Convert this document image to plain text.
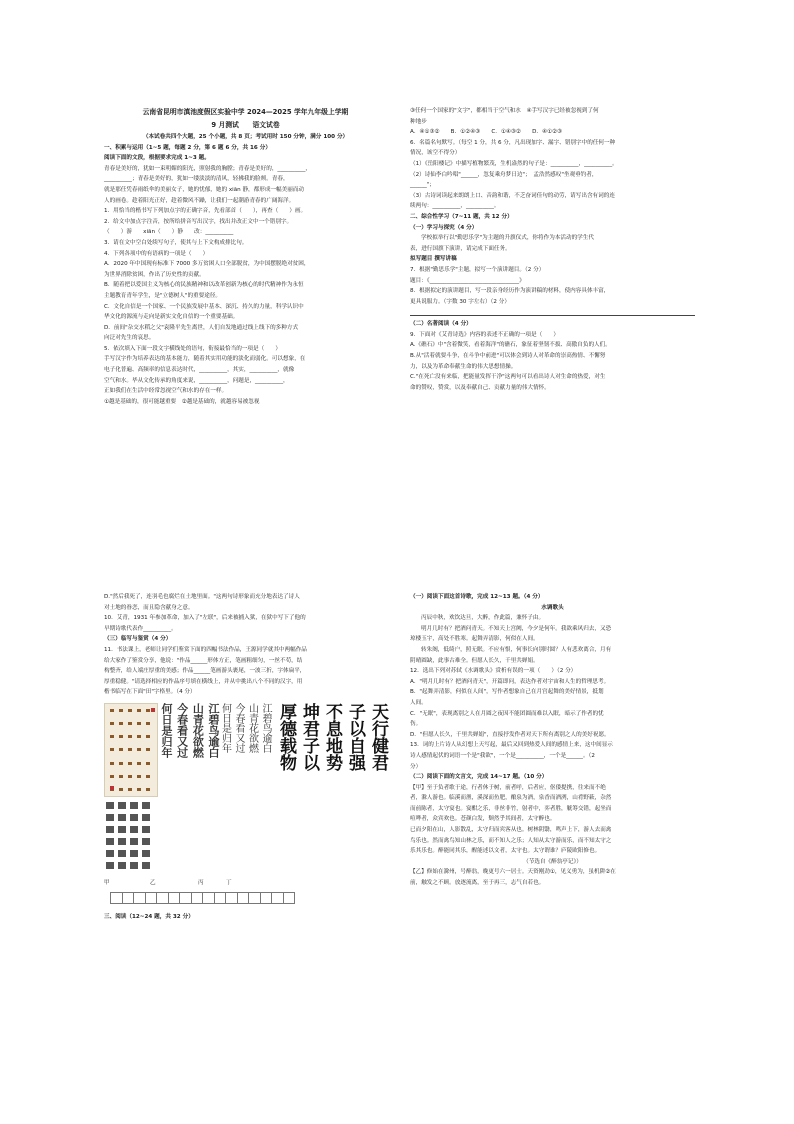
云南省昆明市滇池度假区实验中学 2024—2025 学年九年级上学期

9 月测试　　语文试卷

（本试卷共四个大题，25 个小题，共 8 页；考试用时 150 分钟，满分 100 分）

一、积累与运用（1~5 题，每题 2 分，第 6 题 6 分，共 16 分）

阅读下面的文段，根据要求完成 1~3 题。

青春是美好的，犹如一束明媚的阳光，照射我的胸膛；青春是美好的，__________，

__________；青春是美好的，犹如一缕淡淡的清风，轻拂我的脸颊。青春，

就是那任凭春雨纸伞的美丽女子，她的忧郁，她的 xiān 静，都形成一幅美丽而动

人的画卷。趁着阳光正好，趁着微风不躁，让我们一起潮游青春的广阔海洋。

1．用恰当的楷书写下列加点字的正确字音，先看部首（　　），再查（　　）画。

2．给文中加点字注音，按所给拼音写出汉字，找出并改正文中一个错别字。

（　　）游　　xiān（　　）静　　改：__________

3．请在文中空白处续写句子，使其与上下文构成排比句。

4．下列各项中的有语病的一项是（　　）

A．2020 年中国现有标准下 7000 多万贫困人口全部脱贫，为中国摆脱绝对贫困，

为世界消除贫困，作出了历史性的贡献。

B．随着把以爱国主义为核心的民族精神和以改革创新为核心的时代精神作为永恒

主题教育青年学生，是"立德树人"的重要途径。

C．文化自信是一个国家、一个民族发展中基本、深沉、持久的力量，科学认识中

华文化的源流与走向是新实文化自信的一个重要基础。

D．前间"杂交水稻之父"袁隆平先生离世，人们自发地通过线上线下的多种方式

向泛对先生的哀思。

5．依次填入下面一段文字横线处的语句，衔接最恰当的一项是（　　）

手写汉字作为培养表达的基本能力，随着其实用功能的淡化而弱化。可以想象，在

电子化普遍、高频率的信息表达时代，__________，其实，__________，就像

空气和水。毕从文化传承的角度来说，__________，问题是，__________，

正如我们在生活中经常忽视空气和水的存在一样。

①越是基础的，很可能越重要　②越是基础的，就越容易被忽视

③任何一个国家的"文字"，都相当于空气和水　④手写汉字已经被忽视到了何

种地步

A．④①③②　　B．①②④③　　C．①④③②　　D．④①②③

6．名篇名句默写。（每空 1 分，共 6 分，凡出现加字、漏字、错别字中的任何一种

情况，该空不得分）

（1）《岳阳楼记》中描写植物繁茂，生机盎然的句子是：__________，__________。

（2）诗仙李白吟唱"______，忽复乘舟梦日边"；　孟浩然感叹"坐观垂钓者，

______"；

（3）古诗词读起来朗朗上口、音韵和谐，不乏奋词佳句的动劳，请写出含有词的连

续两句：__________，__________。

二、综合性学习（7~11 题，共 12 分）

（一）学习与探究（4 分）

学校拟举行以"勤思乐学"为主题的升旗仪式，你将作为本活动的学生代

表，进行国旗下演讲，请完成下面任务。

拟写题目 撰写讲稿

7．根据"勤思乐学"主题，拟写一个演讲题目。（2 分）

题目：《________________________________》

8．根据拟定的演讲题目，写一段亲身经历作为演讲稿的材料，使内容具体丰富，

更具说服力。（字数 30 字左右）（2 分）

（二）名著阅读（4 分）

9．下面对《艾青诗选》内容的表述不正确的一项是（　　）

A.《礁石》中"含着微笑，看着海洋"的礁石，象征着坚韧不拔、高傲自负的人们。

B.从"活着就要斗争，在斗争中前进"可以体会到诗人对革命的崇高热情、不懈努

力，以及为革命奉献生命的伟大思想情操。

C."在死亡没有来临，把能量发挥干净"这两句可以看出诗人对生命的热爱，对生

命的赞叹，赞赏，以及奉献自己、贡献力量的伟大情怀。

D."然后我死了，连羽毛也腐烂在土地里面。"这两句诗形象而充分地表达了诗人

对土地的眷恋，而且隐含献身之意。

10．艾青，1931 年参加革命，加入了"左联"，后来被捕入狱，在狱中写下了他的

早期诗歌代表作__________。

（三）临写与鉴赏（4 分）

11．书法课上，老师让同学们鉴赏下面的四幅书法作品，王源同学就其中两幅作品

给大家作了鉴赏分享，他说："作品______形体方正，笔画粗细匀，一丝不苟，结

构整齐，给人端庄厚重的美感；作品______笔画游头裹尾，一波三折，字体扁平，

厚重稳健。"请选择相应的作品序号填在横线上，并从中挑出八个不同的汉字，用

楷书临写在下面"田"字格里。（4 分）

江碧鸟逾白
山青花欲燃
今春看又过
何日是归年	江碧鸟逾白
山青花欲燃
今春看又过
何日是归年	天行健君
子以自强
不息地势
坤君子以
厚德载物
甲	乙	丙	丁

三、阅读（12~24 题，共 32 分）

（一）阅读下面这首诗歌，完成 12~13 题。（4 分）

水调歌头

丙辰中秋，欢饮达旦，大醉，作此篇，兼怀子由。

明月几时有？把酒问青天。不知天上宫阙，今夕是何年。我欲乘风归去，又恐

琼楼玉宇，高处不胜寒。起舞弄清影，何似在人间。

转朱阁，低绮户，照无眠。不应有恨，何事长向别时圆？人有悲欢离合，月有

阴晴圆缺，此事古难全。但愿人长久，千里共婵娟。

12．选出下列对苏轼《水调歌头》赏析有误的一项（　　）（2 分）

A．"明月几时有？把酒问青天"，开篇即问，表达作者对宇宙和人生的哲理思考。

B．"起舞弄清影，何似在人间"，写作者想象自己在月宫起舞的美好情景，抵划

人间。

C．"无眠"，表现离别之人在月圆之夜因不能团圆而难以入眠，暗示了作者的忧

伤。

D．"但愿人长久，千里共婵娟"，直接抒发作者对天下所有离别之人的美好祝愿。

13．词的上片诗人从幻想上天写起，最后又回到热爱人间的感情上来，这中间显示

诗人感情起伏的词语一个是"我欲"，一个是__________，一个是______。（2

分）

（二）阅读下面的文言文，完成 14~17 题。（10 分）

【甲】至于负者歌于途，行者休于树，前者呼，后者应，伛偻提携，往来而不绝

者，滁人游也。临溪而渔，溪深而鱼肥，酿泉为酒，泉香而酒洌，山肴野蔌，杂然

而前陈者，太守宴也。宴酣之乐，非丝非竹，射者中，弈者胜，觥筹交错，起坐而

喧哗者，众宾欢也。苍颜白发，颓然乎其间者，太守醉也。

已而夕阳在山，人影散乱，太守归而宾客从也。树林阴翳，鸣声上下，游人去而禽

鸟乐也。然而禽鸟知山林之乐，而不知人之乐；人知从太守游而乐，而不知太守之

乐其乐也。醉能同其乐，醒能述以文者，太守也。太守谓谁？庐陵欧阳修也。

（节选自《醉翁亭记》）

【乙】修始在滁州，号醉翁，晚更号六一居士。天资刚劲①，见义勇为，虽机阱②在

前，触发之不顾。放逐流离，至于再三，志气自若也。
